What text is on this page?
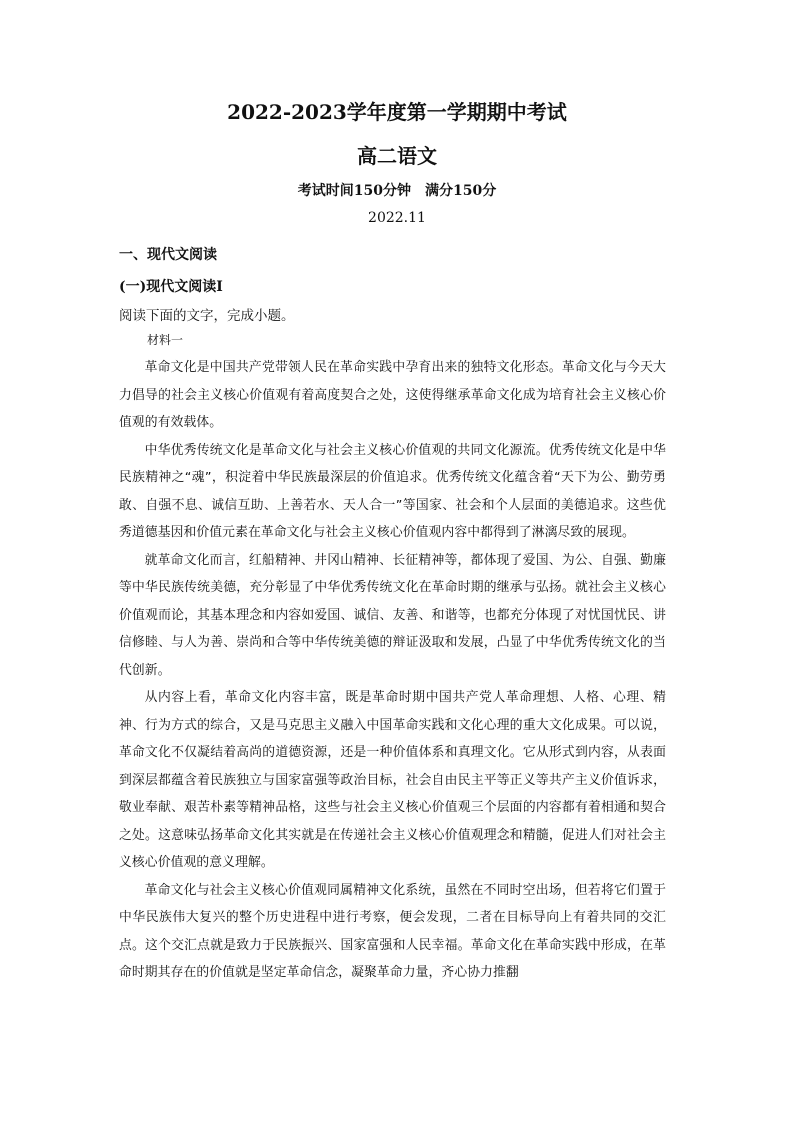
2022-2023学年度第一学期期中考试
高二语文
考试时间150分钟　满分150分
2022.11
一、现代文阅读
(一)现代文阅读Ⅰ
阅读下面的文字，完成小题。
材料一

革命文化是中国共产党带领人民在革命实践中孕育出来的独特文化形态。革命文化与今天大力倡导的社会主义核心价值观有着高度契合之处，这使得继承革命文化成为培育社会主义核心价值观的有效载体。

中华优秀传统文化是革命文化与社会主义核心价值观的共同文化源流。优秀传统文化是中华民族精神之“魂”，积淀着中华民族最深层的价值追求。优秀传统文化蕴含着“天下为公、勤劳勇敢、自强不息、诚信互助、上善若水、天人合一”等国家、社会和个人层面的美德追求。这些优秀道德基因和价值元素在革命文化与社会主义核心价值观内容中都得到了淋漓尽致的展现。

就革命文化而言，红船精神、井冈山精神、长征精神等，都体现了爱国、为公、自强、勤廉等中华民族传统美德，充分彰显了中华优秀传统文化在革命时期的继承与弘扬。就社会主义核心价值观而论，其基本理念和内容如爱国、诚信、友善、和谐等，也都充分体现了对忧国忧民、讲信修睦、与人为善、崇尚和合等中华传统美德的辩证汲取和发展，凸显了中华优秀传统文化的当代创新。

从内容上看，革命文化内容丰富，既是革命时期中国共产党人革命理想、人格、心理、精神、行为方式的综合，又是马克思主义融入中国革命实践和文化心理的重大文化成果。可以说，革命文化不仅凝结着高尚的道德资源，还是一种价值体系和真理文化。它从形式到内容，从表面到深层都蕴含着民族独立与国家富强等政治目标，社会自由民主平等正义等共产主义价值诉求，敬业奉献、艰苦朴素等精神品格，这些与社会主义核心价值观三个层面的内容都有着相通和契合之处。这意味弘扬革命文化其实就是在传递社会主义核心价值观理念和精髓，促进人们对社会主义核心价值观的意义理解。

革命文化与社会主义核心价值观同属精神文化系统，虽然在不同时空出场，但若将它们置于中华民族伟大复兴的整个历史进程中进行考察，便会发现，二者在目标导向上有着共同的交汇点。这个交汇点就是致力于民族振兴、国家富强和人民幸福。革命文化在革命实践中形成，在革命时期其存在的价值就是坚定革命信念，凝聚革命力量，齐心协力推翻
